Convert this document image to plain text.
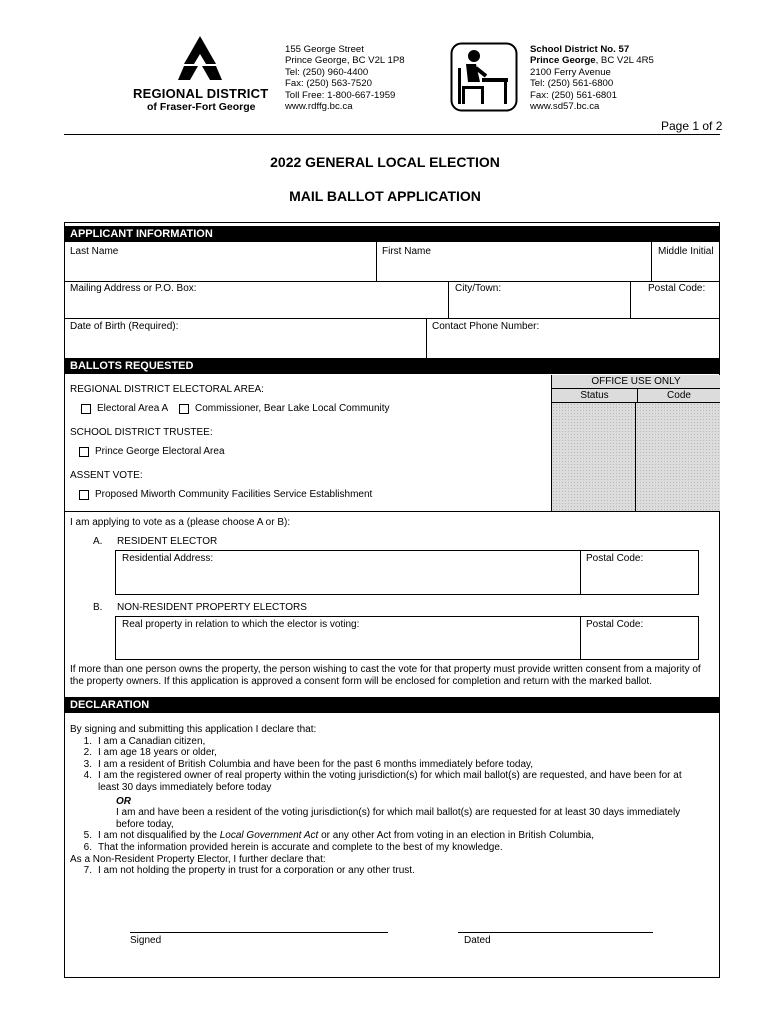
REGIONAL DISTRICT
of Fraser-Fort George
155 George Street
Prince George, BC V2L 1P8
Tel: (250) 960-4400
Fax: (250) 563-7520
Toll Free: 1-800-667-1959
www.rdffg.bc.ca
School District No. 57
Prince George, BC V2L 4R5
2100 Ferry Avenue
Tel: (250) 561-6800
Fax: (250) 561-6801
www.sd57.bc.ca
Page 1 of 2
2022 GENERAL LOCAL ELECTION
MAIL BALLOT APPLICATION
APPLICANT INFORMATION
Last Name	First Name	Middle Initial
Mailing Address or P.O. Box:	City/Town:	Postal Code:
Date of Birth (Required):	Contact Phone Number:
BALLOTS REQUESTED
OFFICE USE ONLY
Status	Code
REGIONAL DISTRICT ELECTORAL AREA:
Electoral Area A	Commissioner, Bear Lake Local Community
SCHOOL DISTRICT TRUSTEE:
Prince George Electoral Area
ASSENT VOTE:
Proposed Miworth Community Facilities Service Establishment
I am applying to vote as a (please choose A or B):
A. RESIDENT ELECTOR
Residential Address:	Postal Code:
B. NON-RESIDENT PROPERTY ELECTORS
Real property in relation to which the elector is voting:	Postal Code:
If more than one person owns the property, the person wishing to cast the vote for that property must provide written consent from a majority of
the property owners. If this application is approved a consent form will be enclosed for completion and return with the marked ballot.
DECLARATION
By signing and submitting this application I declare that:
1. I am a Canadian citizen,
2. I am age 18 years or older,
3. I am a resident of British Columbia and have been for the past 6 months immediately before today,
4. I am the registered owner of real property within the voting jurisdiction(s) for which mail ballot(s) are requested, and have been for at least 30 days immediately before today
OR
I am and have been a resident of the voting jurisdiction(s) for which mail ballot(s) are requested for at least 30 days immediately before today,
5. I am not disqualified by the Local Government Act or any other Act from voting in an election in British Columbia,
6. That the information provided herein is accurate and complete to the best of my knowledge.
As a Non-Resident Property Elector, I further declare that:
7. I am not holding the property in trust for a corporation or any other trust.
Signed	Dated
